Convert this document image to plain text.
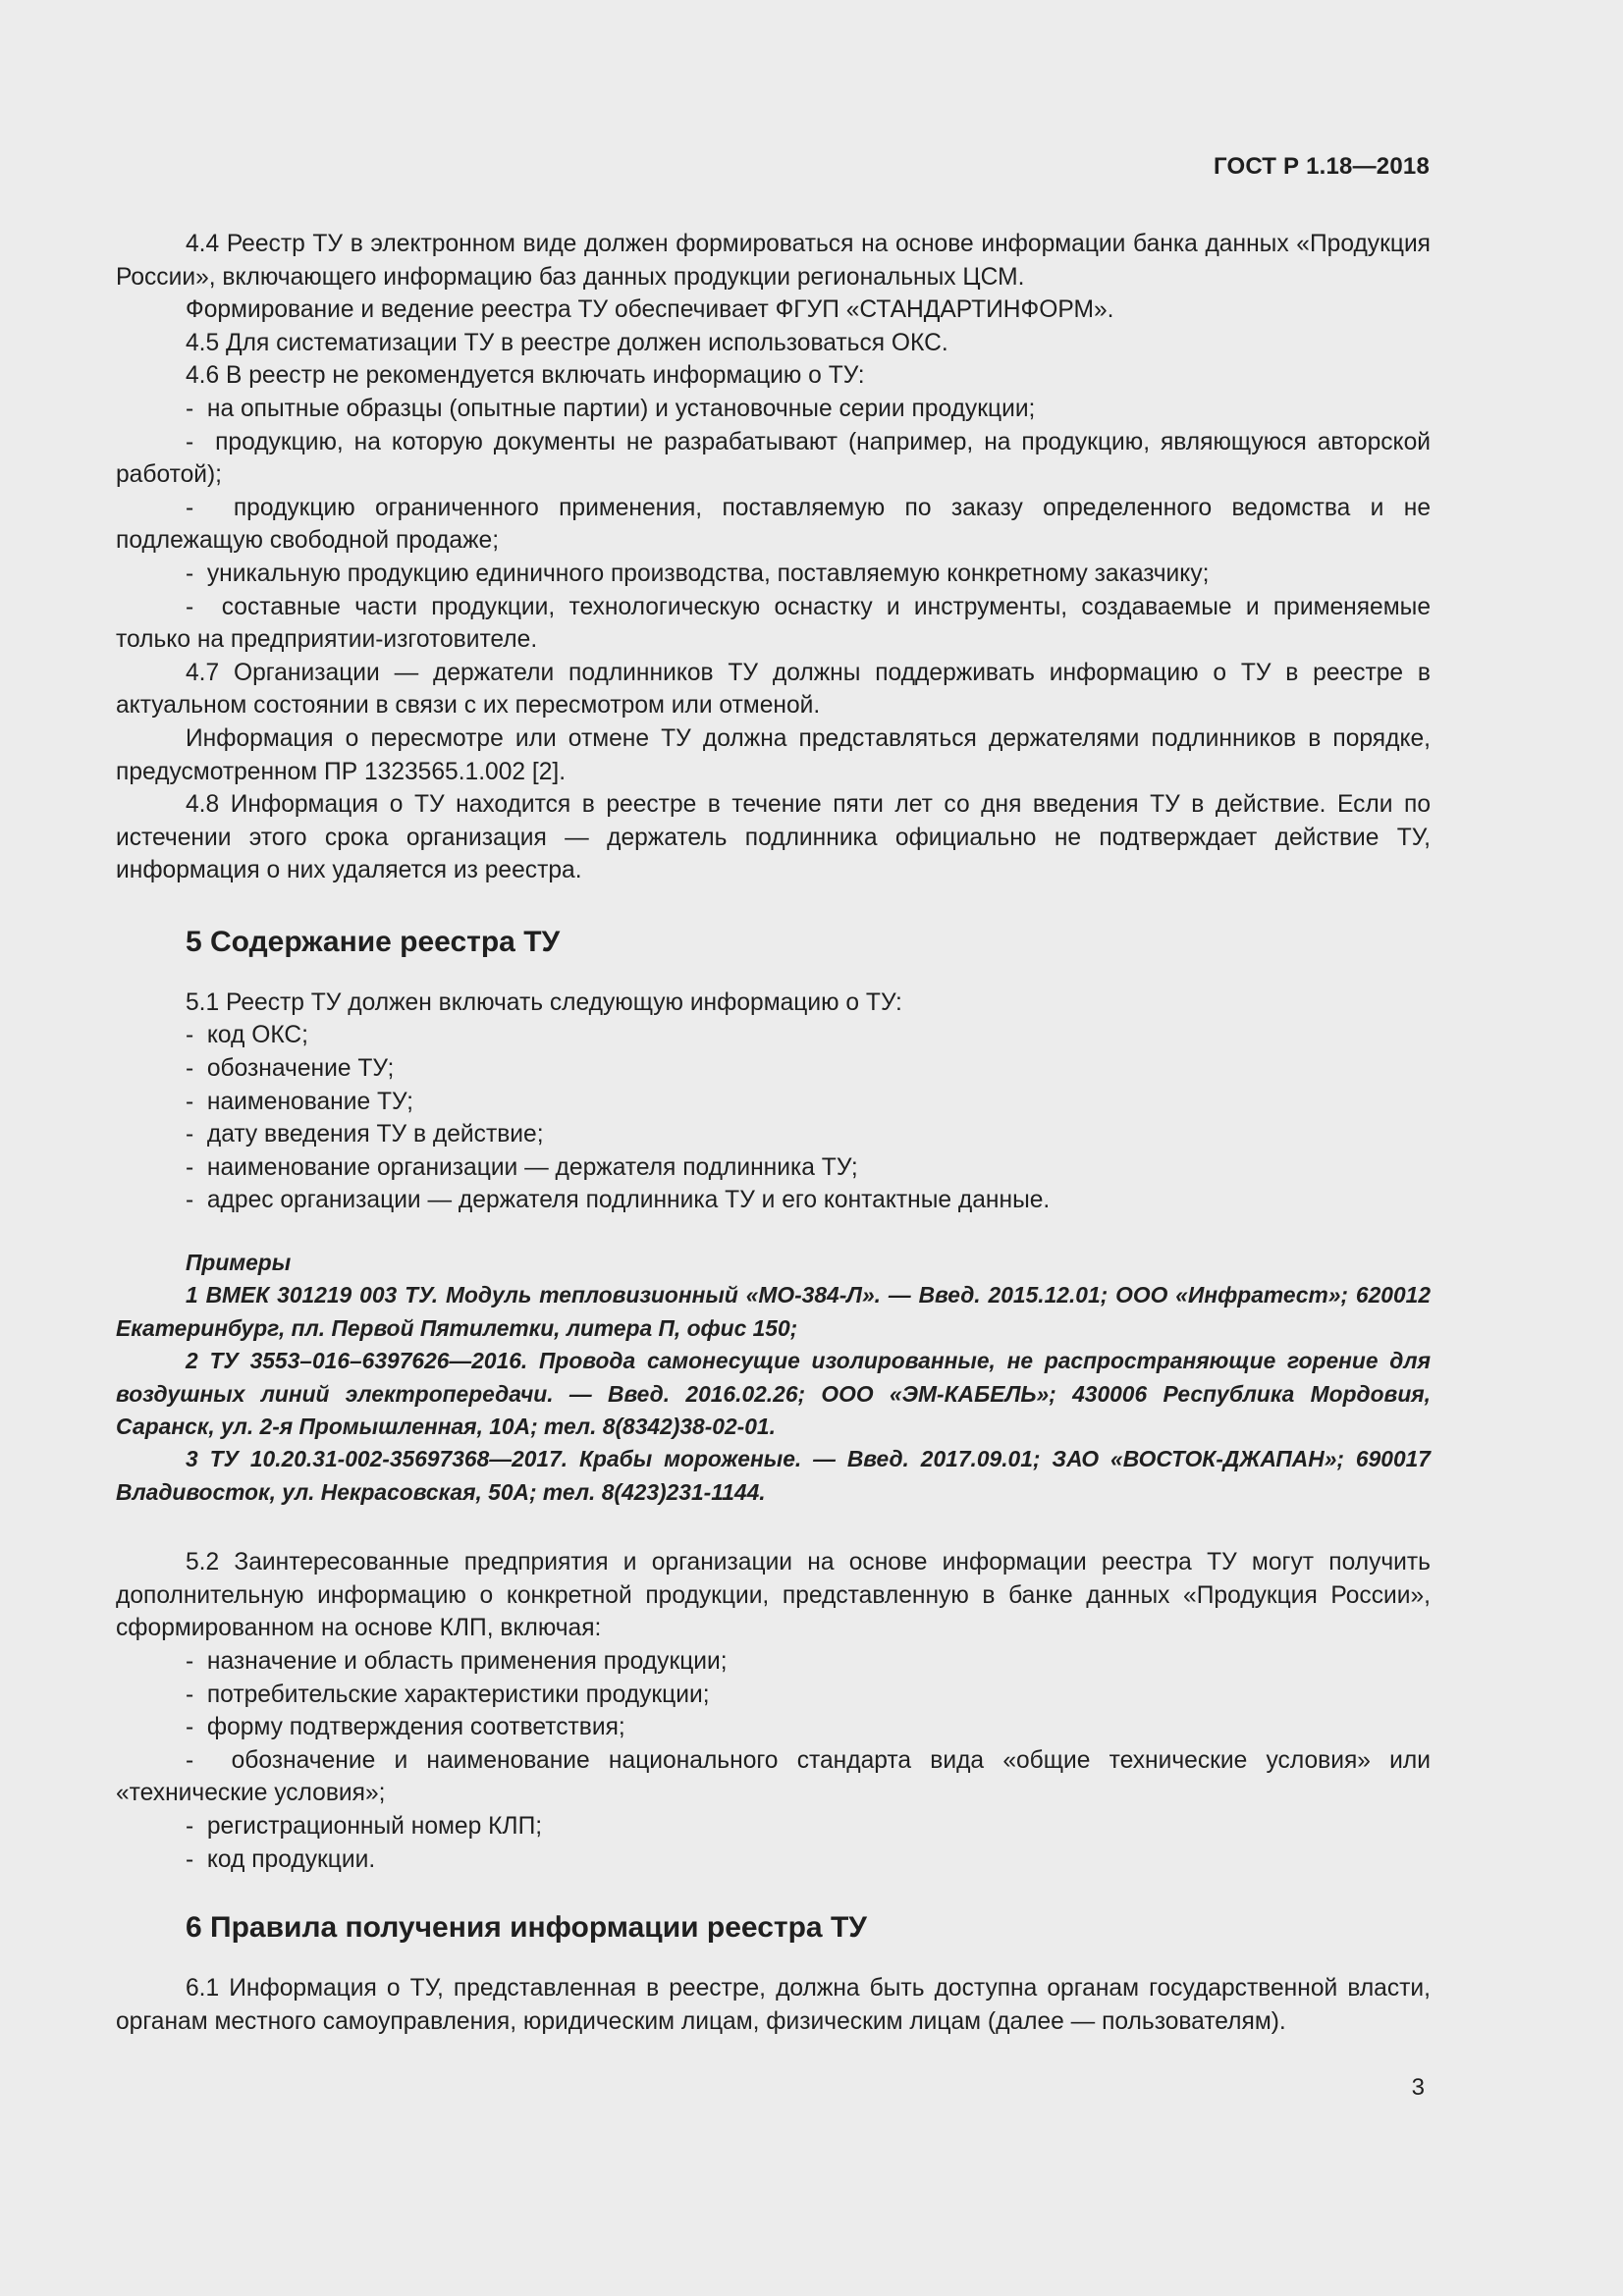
ГОСТ Р 1.18—2018

4.4 Реестр ТУ в электронном виде должен формироваться на основе информации банка данных «Продукция России», включающего информацию баз данных продукции региональных ЦСМ.

Формирование и ведение реестра ТУ обеспечивает ФГУП «СТАНДАРТИНФОРМ».

4.5 Для систематизации ТУ в реестре должен использоваться ОКС.

4.6 В реестр не рекомендуется включать информацию о ТУ:

-  на опытные образцы (опытные партии) и установочные серии продукции;

-  продукцию, на которую документы не разрабатывают (например, на продукцию, являющуюся авторской работой);

-  продукцию ограниченного применения, поставляемую по заказу определенного ведомства и не подлежащую свободной продаже;

-  уникальную продукцию единичного производства, поставляемую конкретному заказчику;

-  составные части продукции, технологическую оснастку и инструменты, создаваемые и применяемые только на предприятии-изготовителе.

4.7 Организации — держатели подлинников ТУ должны поддерживать информацию о ТУ в реестре в актуальном состоянии в связи с их пересмотром или отменой.

Информация о пересмотре или отмене ТУ должна представляться держателями подлинников в порядке, предусмотренном ПР 1323565.1.002 [2].

4.8 Информация о ТУ находится в реестре в течение пяти лет со дня введения ТУ в действие. Если по истечении этого срока организация — держатель подлинника официально не подтверждает действие ТУ, информация о них удаляется из реестра.

5 Содержание реестра ТУ

5.1 Реестр ТУ должен включать следующую информацию о ТУ:

-  код ОКС;

-  обозначение ТУ;

-  наименование ТУ;

-  дату введения ТУ в действие;

-  наименование организации — держателя подлинника ТУ;

-  адрес организации — держателя подлинника ТУ и его контактные данные.

Примеры

1 ВМЕК 301219 003 ТУ. Модуль тепловизионный «МО-384-Л». — Введ. 2015.12.01; ООО «Инфратест»; 620012 Екатеринбург, пл. Первой Пятилетки, литера П, офис 150;

2 ТУ 3553–016–6397626—2016. Провода самонесущие изолированные, не распространяющие горение для воздушных линий электропередачи. — Введ. 2016.02.26; ООО «ЭМ-КАБЕЛЬ»; 430006 Республика Мордовия, Саранск, ул. 2-я Промышленная, 10А; тел. 8(8342)38-02-01.

3 ТУ 10.20.31-002-35697368—2017. Крабы мороженые. — Введ. 2017.09.01; ЗАО «ВОСТОК-ДЖАПАН»; 690017 Владивосток, ул. Некрасовская, 50А; тел. 8(423)231-1144.

5.2 Заинтересованные предприятия и организации на основе информации реестра ТУ могут получить дополнительную информацию о конкретной продукции, представленную в банке данных «Продукция России», сформированном на основе КЛП, включая:

-  назначение и область применения продукции;

-  потребительские характеристики продукции;

-  форму подтверждения соответствия;

-  обозначение и наименование национального стандарта вида «общие технические условия» или «технические условия»;

-  регистрационный номер КЛП;

-  код продукции.

6 Правила получения информации реестра ТУ

6.1 Информация о ТУ, представленная в реестре, должна быть доступна органам государственной власти, органам местного самоуправления, юридическим лицам, физическим лицам (далее — пользователям).

3
